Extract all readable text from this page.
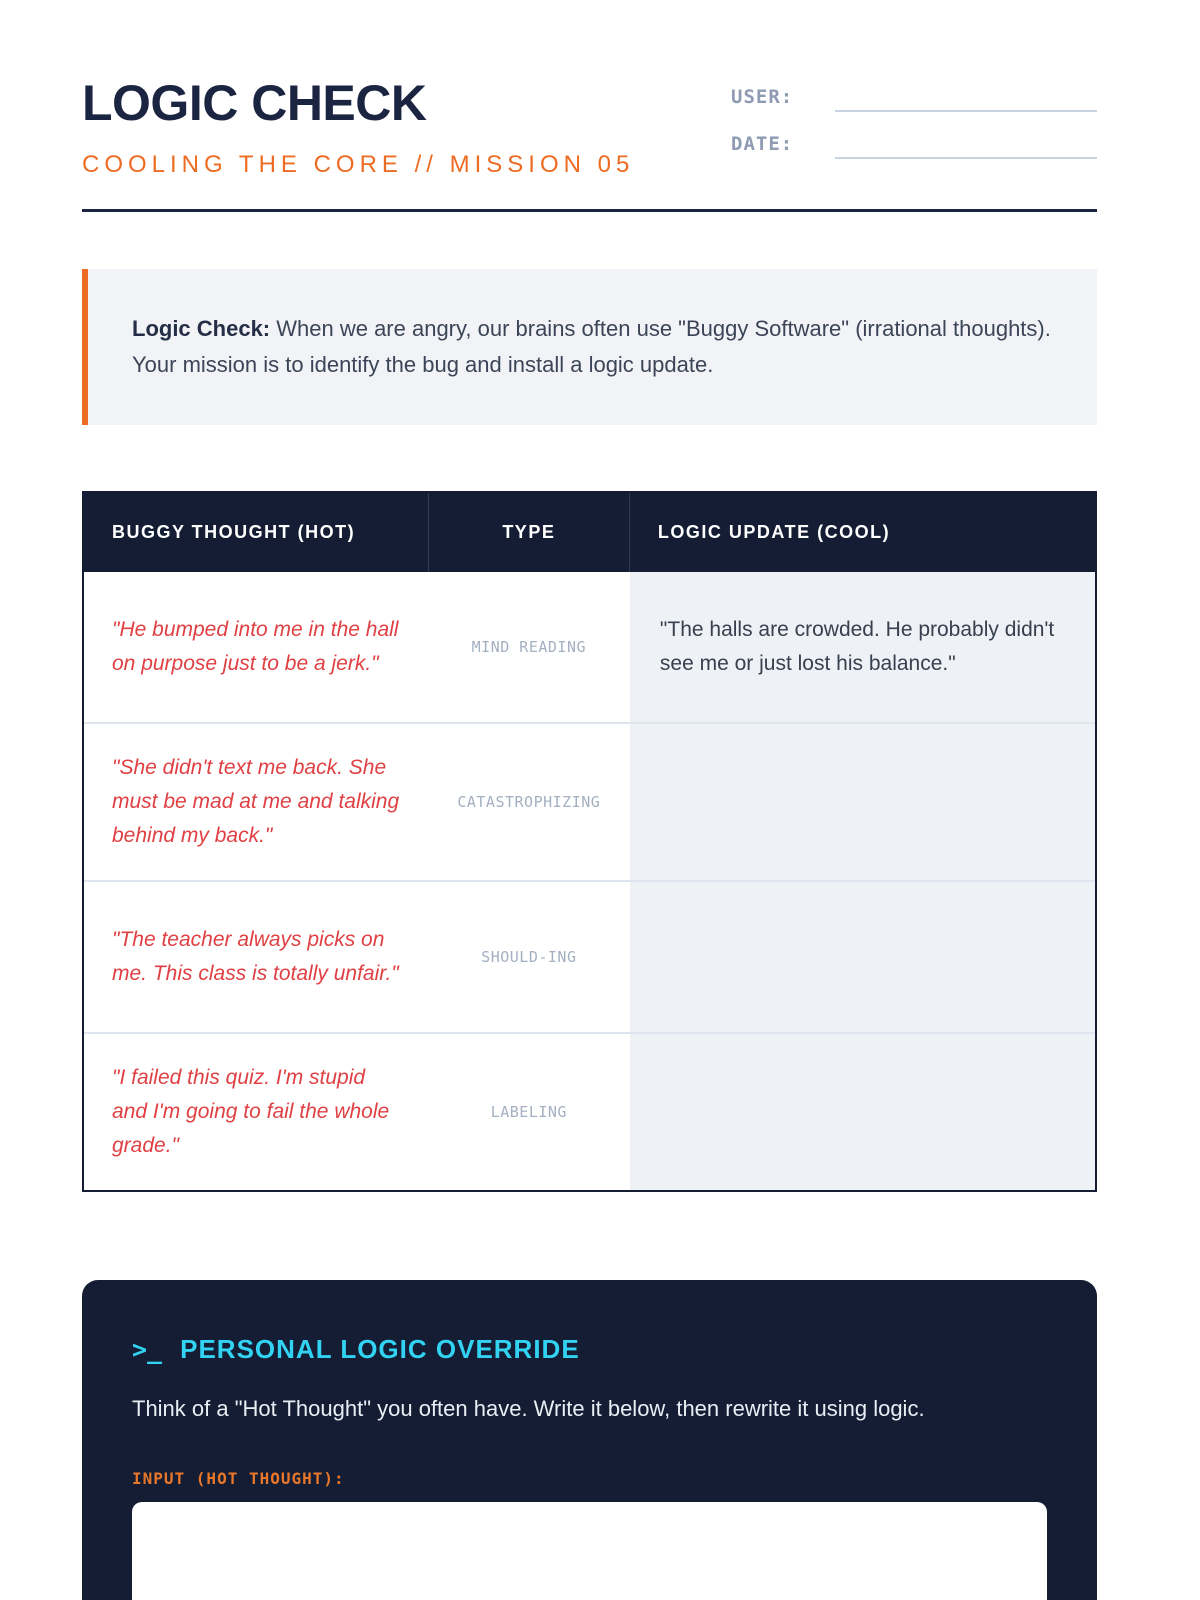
LOGIC CHECK
COOLING THE CORE // MISSION 05
USER:
DATE:
Logic Check: When we are angry, our brains often use "Buggy Software" (irrational thoughts). Your mission is to identify the bug and install a logic update.
BUGGY THOUGHT (HOT)	TYPE	LOGIC UPDATE (COOL)
"He bumped into me in the hall on purpose just to be a jerk."
MIND READING
"The halls are crowded. He probably didn't see me or just lost his balance."
"She didn't text me back. She must be mad at me and talking behind my back."
CATASTROPHIZING
"The teacher always picks on me. This class is totally unfair."
SHOULD-ING
"I failed this quiz. I'm stupid and I'm going to fail the whole grade."
LABELING
>_ PERSONAL LOGIC OVERRIDE
Think of a "Hot Thought" you often have. Write it below, then rewrite it using logic.
INPUT (HOT THOUGHT):
